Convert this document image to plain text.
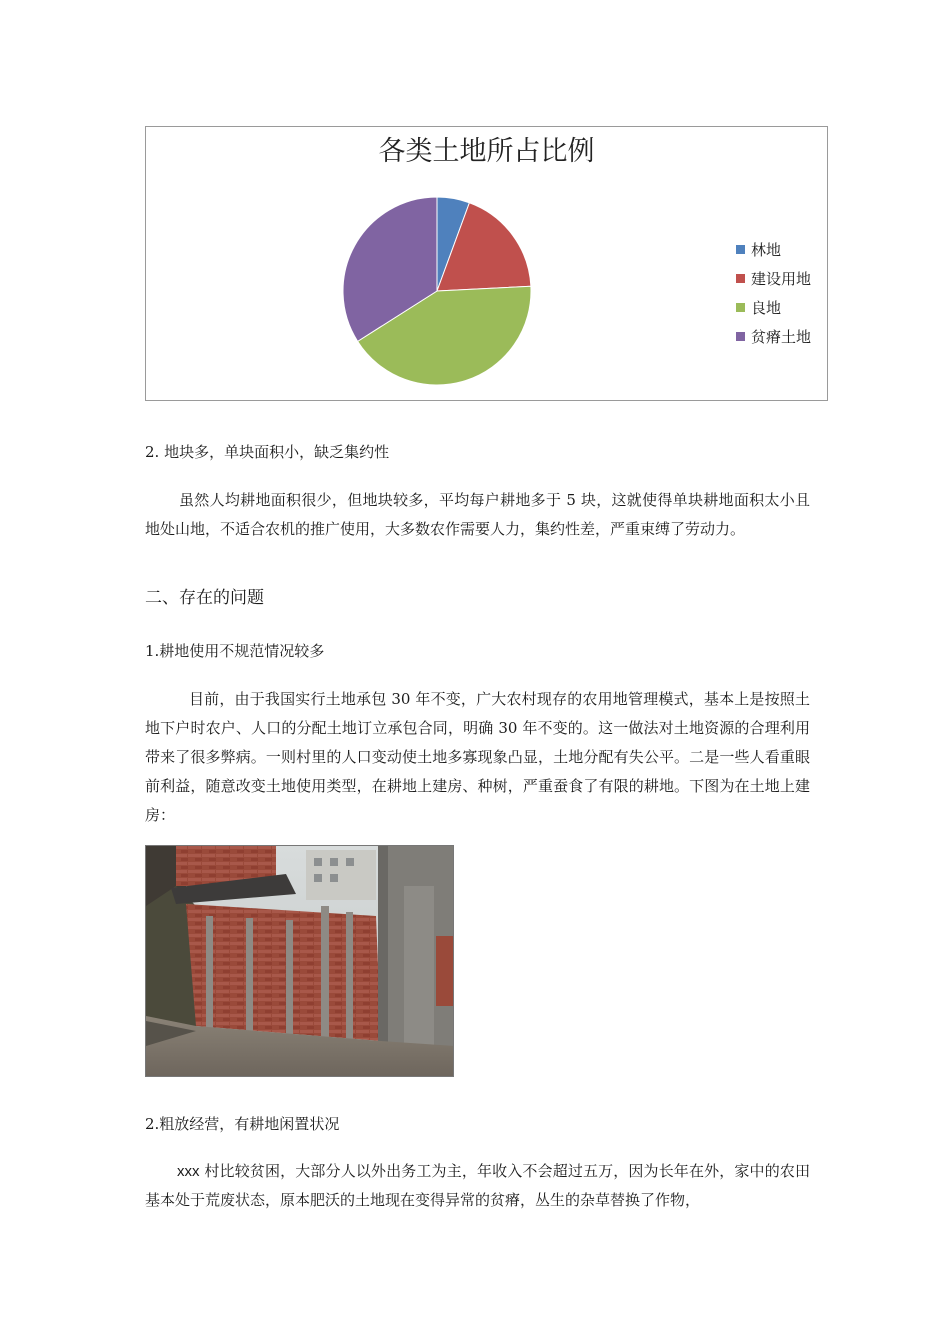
各类土地所占比例
林地
建设用地
良地
贫瘠土地
2. 地块多，单块面积小，缺乏集约性
虽然人均耕地面积很少，但地块较多，平均每户耕地多于 5 块，这就使得单块耕地面积太小且地处山地，不适合农机的推广使用，大多数农作需要人力，集约性差，严重束缚了劳动力。
二、存在的问题
1.耕地使用不规范情况较多
目前，由于我国实行土地承包 30 年不变，广大农村现存的农用地管理模式，基本上是按照土地下户时农户、人口的分配土地订立承包合同，明确 30 年不变的。这一做法对土地资源的合理利用带来了很多弊病。一则村里的人口变动使土地多寡现象凸显，土地分配有失公平。二是一些人看重眼前利益，随意改变土地使用类型，在耕地上建房、种树，严重蚕食了有限的耕地。下图为在土地上建房：
2.粗放经营，有耕地闲置状况
xxx 村比较贫困，大部分人以外出务工为主，年收入不会超过五万，因为长年在外，家中的农田基本处于荒废状态，原本肥沃的土地现在变得异常的贫瘠，丛生的杂草替换了作物，
